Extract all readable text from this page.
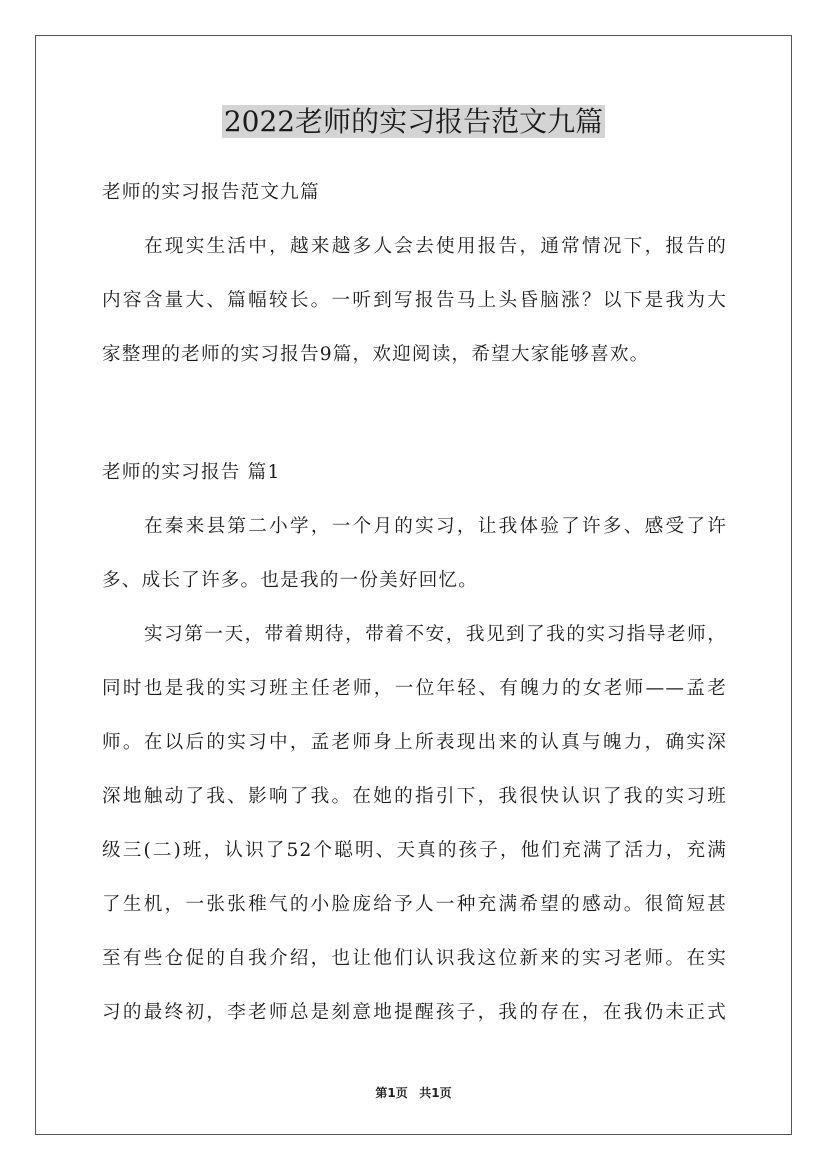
2022老师的实习报告范文九篇
老师的实习报告范文九篇
在现实生活中，越来越多人会去使用报告，通常情况下，报告的
内容含量大、篇幅较长。一听到写报告马上头昏脑涨？以下是我为大
家整理的老师的实习报告9篇，欢迎阅读，希望大家能够喜欢。
老师的实习报告 篇1
在秦来县第二小学，一个月的实习，让我体验了许多、感受了许
多、成长了许多。也是我的一份美好回忆。
实习第一天，带着期待，带着不安，我见到了我的实习指导老师，
同时也是我的实习班主任老师，一位年轻、有魄力的女老师——孟老
师。在以后的实习中，孟老师身上所表现出来的认真与魄力，确实深
深地触动了我、影响了我。在她的指引下，我很快认识了我的实习班
级三(二)班，认识了52个聪明、天真的孩子，他们充满了活力，充满
了生机，一张张稚气的小脸庞给予人一种充满希望的感动。很简短甚
至有些仓促的自我介绍，也让他们认识我这位新来的实习老师。在实
习的最终初，李老师总是刻意地提醒孩子，我的存在，在我仍未正式
第1页 共1页
